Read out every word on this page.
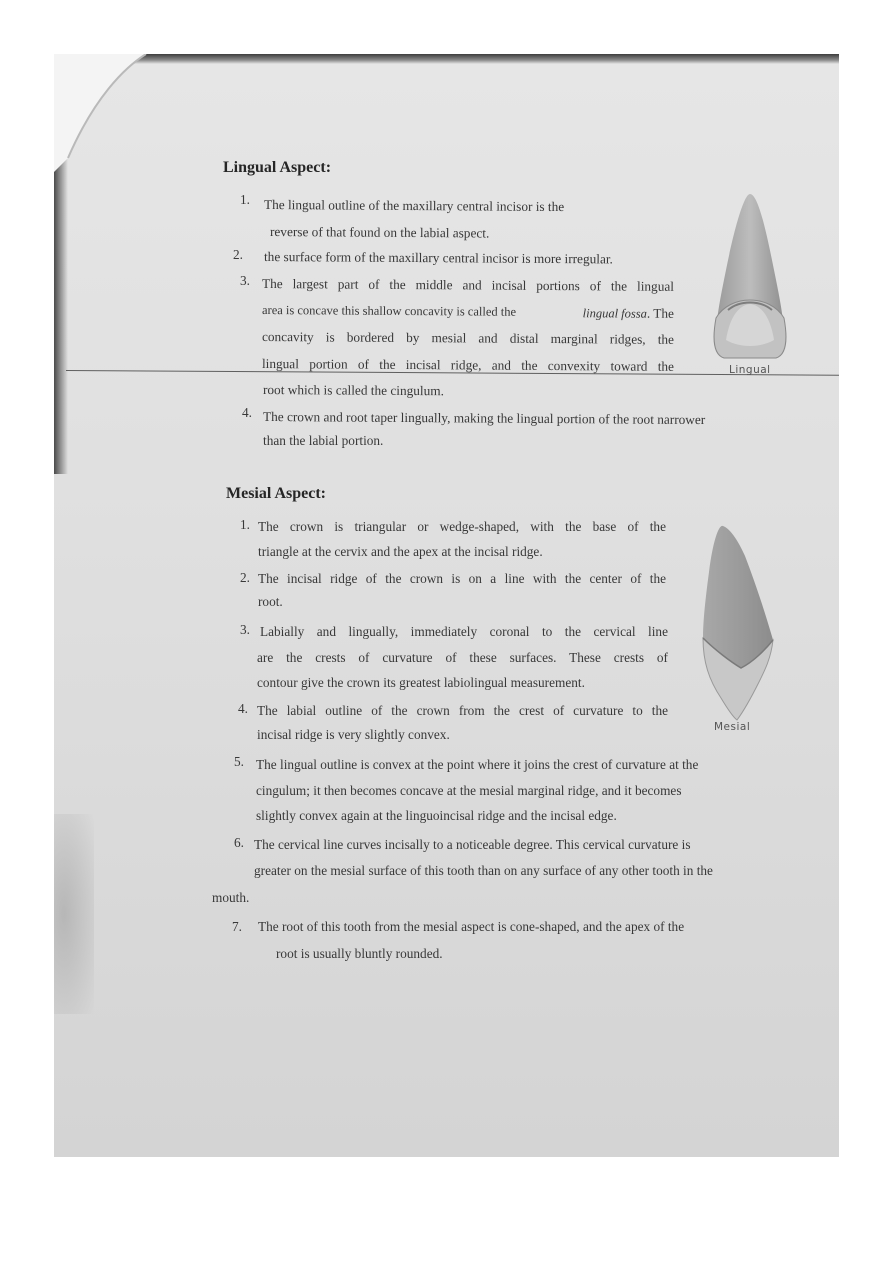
Lingual Aspect:
1. The lingual outline of the maxillary central incisor is the
reverse of that found on the labial aspect.
2. the surface form of the maxillary central incisor is more irregular.
3. The largest part of the middle and incisal portions of the lingual
area is concave this shallow concavity is called the	lingual fossa. The
concavity is bordered by mesial and distal marginal ridges, the
lingual portion of the incisal ridge, and the convexity toward the
root which is called the cingulum.
4. The crown and root taper lingually, making the lingual portion of the root narrower
than the labial portion.
Lingual
Mesial Aspect:
1. The crown is triangular or wedge-shaped, with the base of the
triangle at the cervix and the apex at the incisal ridge.
2. The incisal ridge of the crown is on a line with the center of the
root.
3. Labially and lingually, immediately coronal to the cervical line
are the crests of curvature of these surfaces. These crests of
contour give the crown its greatest labiolingual measurement.
4. The labial outline of the crown from the crest of curvature to the
incisal ridge is very slightly convex.
5. The lingual outline is convex at the point where it joins the crest of curvature at the
cingulum; it then becomes concave at the mesial marginal ridge, and it becomes
slightly convex again at the linguoincisal ridge and the incisal edge.
6. The cervical line curves incisally to a noticeable degree. This cervical curvature is
greater on the mesial surface of this tooth than on any surface of any other tooth in the
mouth.
7. The root of this tooth from the mesial aspect is cone-shaped, and the apex of the
root is usually bluntly rounded.
Mesial
